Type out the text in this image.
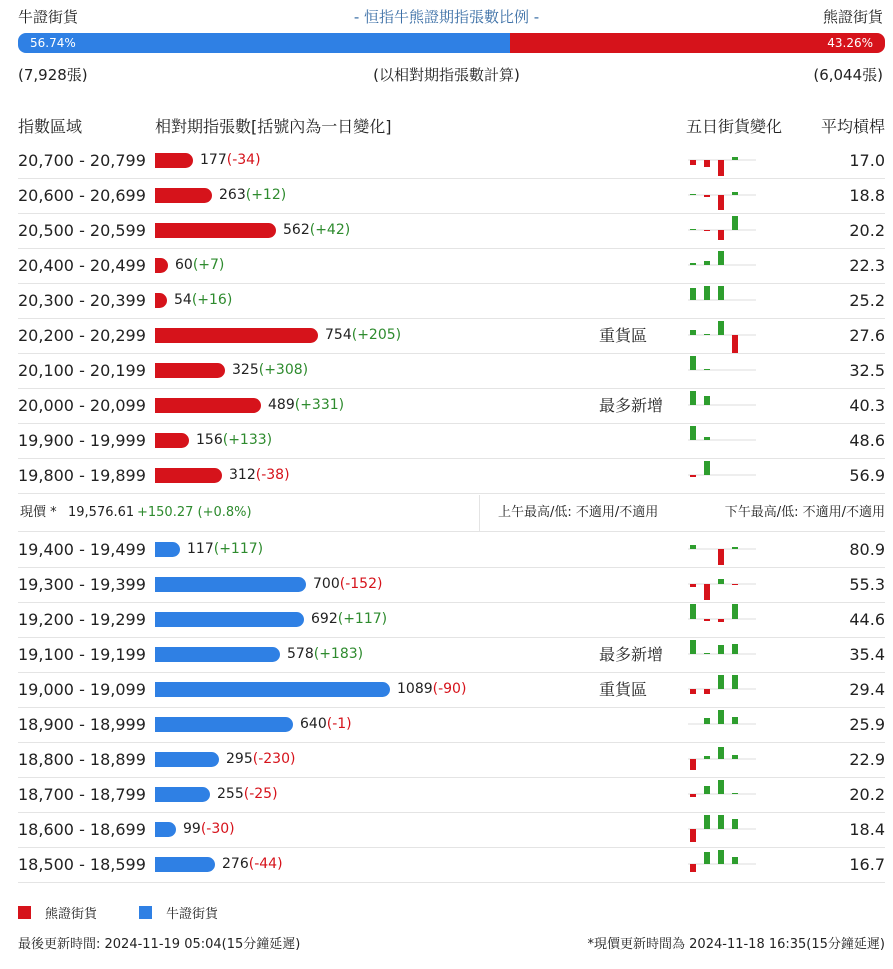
- 恒指牛熊證期指張數比例 -
牛證街貨	熊證街貨
56.74%	43.26%
(7,928張)	(以相對期指張數計算)	(6,044張)
指數區域	相對期指張數[括號內為一日變化]	五日街貨變化 平均槓桿
20,700 - 20,799	177(-34)	17.0
20,600 - 20,699	263(+12)	18.8
20,500 - 20,599	562(+42)	20.2
20,400 - 20,499 60(+7)	22.3
20,300 - 20,399 54(+16)	25.2
20,200 - 20,299	754(+205)	重貨區	27.6
20,100 - 20,199	325(+308)	32.5
20,000 - 20,099	489(+331)	最多新增	40.3
19,900 - 19,999	156(+133)	48.6
19,800 - 19,899	312(-38)	56.9
現價 * 19,576.61 +150.27 (+0.8%)	上午最高/低: 不適用/不適用	下午最高/低: 不適用/不適用
19,400 - 19,499	117(+117)	80.9
19,300 - 19,399	700(-152)	55.3
19,200 - 19,299	692(+117)	44.6
19,100 - 19,199	578(+183)	最多新增	35.4
19,000 - 19,099	1089(-90)	重貨區	29.4
18,900 - 18,999	640(-1)	25.9
18,800 - 18,899	295(-230)	22.9
18,700 - 18,799	255(-25)	20.2
18,600 - 18,699	99(-30)	18.4
18,500 - 18,599	276(-44)	16.7
熊證街貨	牛證街貨
最後更新時間: 2024-11-19 05:04(15分鐘延遲)	*現價更新時間為 2024-11-18 16:35(15分鐘延遲)
